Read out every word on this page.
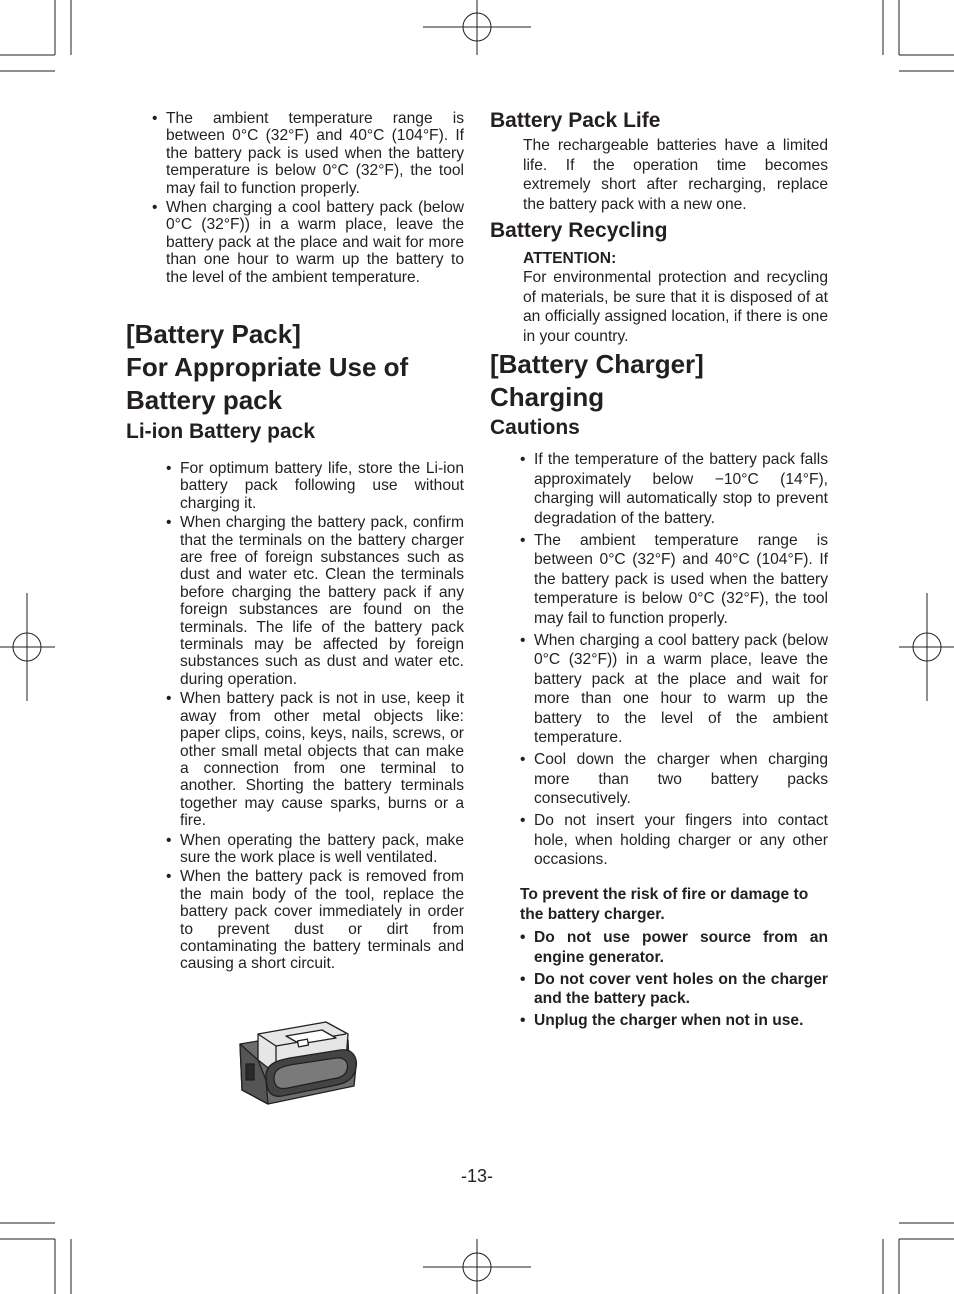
• The ambient temperature range is between 0°C (32°F) and 40°C (104°F). If the battery pack is used when the battery temperature is below 0°C (32°F), the tool may fail to function properly.
• When charging a cool battery pack (below 0°C (32°F)) in a warm place, leave the battery pack at the place and wait for more than one hour to warm up the battery to the level of the ambient temperature.

[Battery Pack]

For Appropriate Use of

Battery pack

Li-ion Battery pack

• For optimum battery life, store the Li-ion battery pack following use without charging it.
• When charging the battery pack, confirm that the terminals on the battery charger are free of foreign substances such as dust and water etc. Clean the terminals before charging the battery pack if any foreign substances are found on the terminals. The life of the battery pack terminals may be affected by foreign substances such as dust and water etc. during operation.
• When battery pack is not in use, keep it away from other metal objects like: paper clips, coins, keys, nails, screws, or other small metal objects that can make a connection from one terminal to another. Shorting the battery terminals together may cause sparks, burns or a fire.
• When operating the battery pack, make sure the work place is well ventilated.
• When the battery pack is removed from the main body of the tool, replace the battery pack cover immediately in order to prevent dust or dirt from contaminating the battery terminals and causing a short circuit.

Battery Pack Life

The rechargeable batteries have a limited life. If the operation time becomes extremely short after recharging, replace the battery pack with a new one.

Battery Recycling

ATTENTION:

For environmental protection and recycling of materials, be sure that it is disposed of at an officially assigned location, if there is one in your country.

[Battery Charger]

Charging

Cautions

• If the temperature of the battery pack falls approximately below −10°C (14°F), charging will automatically stop to prevent degradation of the battery.
• The ambient temperature range is between 0°C (32°F) and 40°C (104°F). If the battery pack is used when the battery temperature is below 0°C (32°F), the tool may fail to function properly.
• When charging a cool battery pack (below 0°C (32°F)) in a warm place, leave the battery pack at the place and wait for more than one hour to warm up the battery to the level of the ambient temperature.
• Cool down the charger when charging more than two battery packs consecutively.
• Do not insert your fingers into contact hole, when holding charger or any other occasions.

To prevent the risk of fire or damage to the battery charger.

• Do not use power source from an engine generator.
• Do not cover vent holes on the charger and the battery pack.
• Unplug the charger when not in use.
-13-
